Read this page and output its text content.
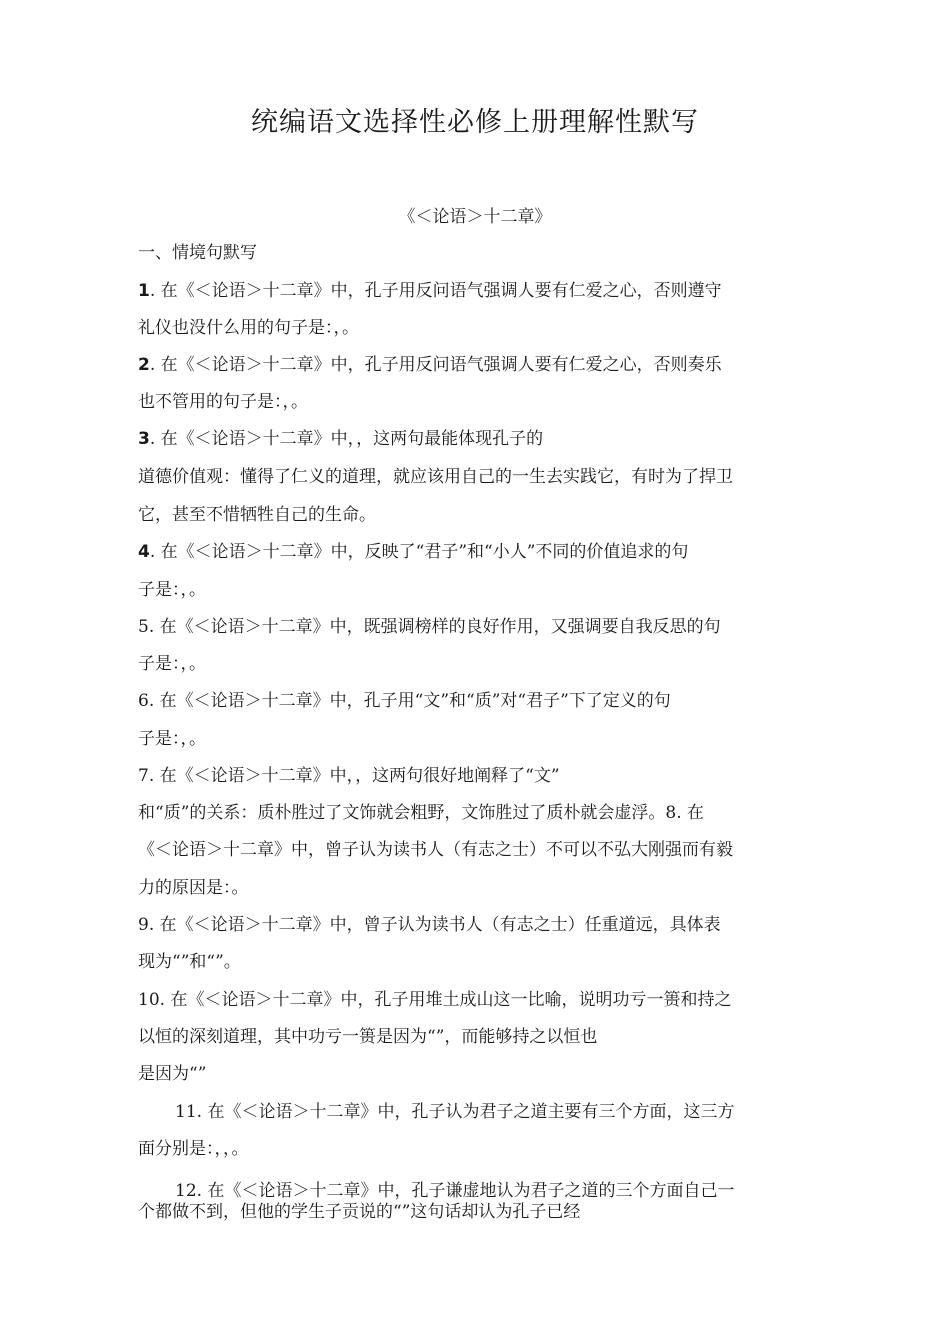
统编语文选择性必修上册理解性默写
《＜论语＞十二章》
一、情境句默写
1. 在《＜论语＞十二章》中，孔子用反问语气强调人要有仁爱之心，否则遵守
礼仪也没什么用的句子是：，。
2. 在《＜论语＞十二章》中，孔子用反问语气强调人要有仁爱之心，否则奏乐
也不管用的句子是：，。
3. 在《＜论语＞十二章》中，，这两句最能体现孔子的
道德价值观：懂得了仁义的道理，就应该用自己的一生去实践它，有时为了捍卫
它，甚至不惜牺牲自己的生命。
4. 在《＜论语＞十二章》中，反映了“君子”和“小人”不同的价值追求的句
子是：，。
5. 在《＜论语＞十二章》中，既强调榜样的良好作用，又强调要自我反思的句
子是：，。
6. 在《＜论语＞十二章》中，孔子用“文”和“质”对“君子”下了定义的句
子是：，。
7. 在《＜论语＞十二章》中，，这两句很好地阐释了“文”
和“质”的关系：质朴胜过了文饰就会粗野，文饰胜过了质朴就会虚浮。8. 在
《＜论语＞十二章》中，曾子认为读书人（有志之士）不可以不弘大刚强而有毅
力的原因是：。
9. 在《＜论语＞十二章》中，曾子认为读书人（有志之士）任重道远，具体表
现为“”和“”。
10. 在《＜论语＞十二章》中，孔子用堆土成山这一比喻，说明功亏一篑和持之
以恒的深刻道理，其中功亏一篑是因为“”，而能够持之以恒也
是因为“”
11. 在《＜论语＞十二章》中，孔子认为君子之道主要有三个方面，这三方
面分别是：，，。
12. 在《＜论语＞十二章》中，孔子谦虚地认为君子之道的三个方面自己一
个都做不到，但他的学生子贡说的“”这句话却认为孔子已经
